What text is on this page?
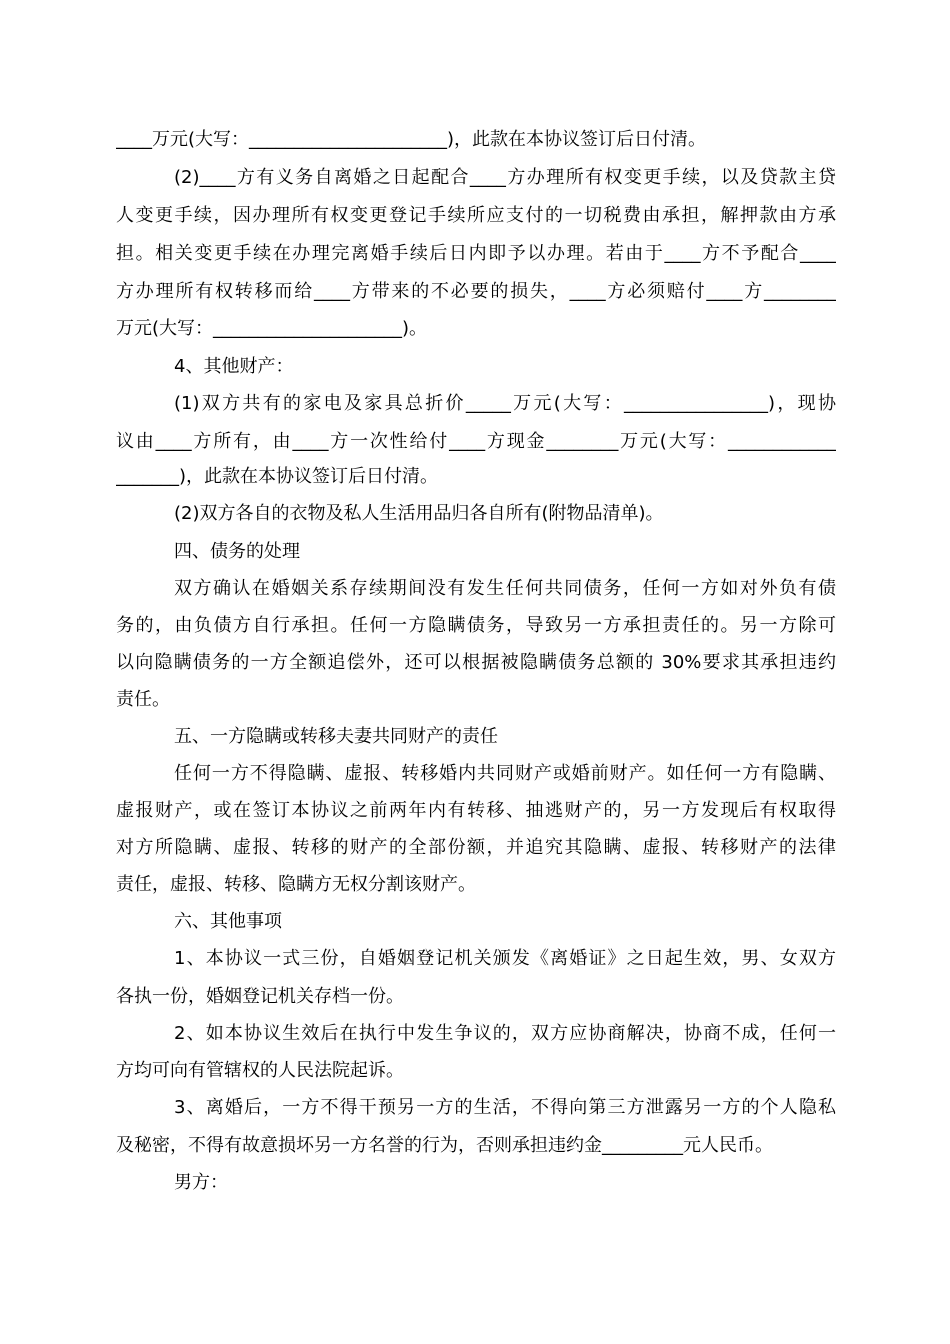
____万元(大写：______________________)，此款在本协议签订后日付清。
(2)____方有义务自离婚之日起配合____方办理所有权变更手续，以及贷款主贷
人变更手续，因办理所有权变更登记手续所应支付的一切税费由承担，解押款由方承
担。相关变更手续在办理完离婚手续后日内即予以办理。若由于____方不予配合____
方办理所有权转移而给____方带来的不必要的损失，____方必须赔付____方________
万元(大写：_____________________)。
4、其他财产：
(1)双方共有的家电及家具总折价_____万元(大写：________________)，现协
议由____方所有，由____方一次性给付____方现金________万元(大写：____________
_______)，此款在本协议签订后日付清。
(2)双方各自的衣物及私人生活用品归各自所有(附物品清单)。
四、债务的处理
双方确认在婚姻关系存续期间没有发生任何共同债务，任何一方如对外负有债
务的，由负债方自行承担。任何一方隐瞒债务，导致另一方承担责任的。另一方除可
以向隐瞒债务的一方全额追偿外，还可以根据被隐瞒债务总额的 30%要求其承担违约
责任。
五、一方隐瞒或转移夫妻共同财产的责任
任何一方不得隐瞒、虚报、转移婚内共同财产或婚前财产。如任何一方有隐瞒、
虚报财产，或在签订本协议之前两年内有转移、抽逃财产的，另一方发现后有权取得
对方所隐瞒、虚报、转移的财产的全部份额，并追究其隐瞒、虚报、转移财产的法律
责任，虚报、转移、隐瞒方无权分割该财产。
六、其他事项
1、本协议一式三份，自婚姻登记机关颁发《离婚证》之日起生效，男、女双方
各执一份，婚姻登记机关存档一份。
2、如本协议生效后在执行中发生争议的，双方应协商解决，协商不成，任何一
方均可向有管辖权的人民法院起诉。
3、离婚后，一方不得干预另一方的生活，不得向第三方泄露另一方的个人隐私
及秘密，不得有故意损坏另一方名誉的行为，否则承担违约金_________元人民币。
男方：
